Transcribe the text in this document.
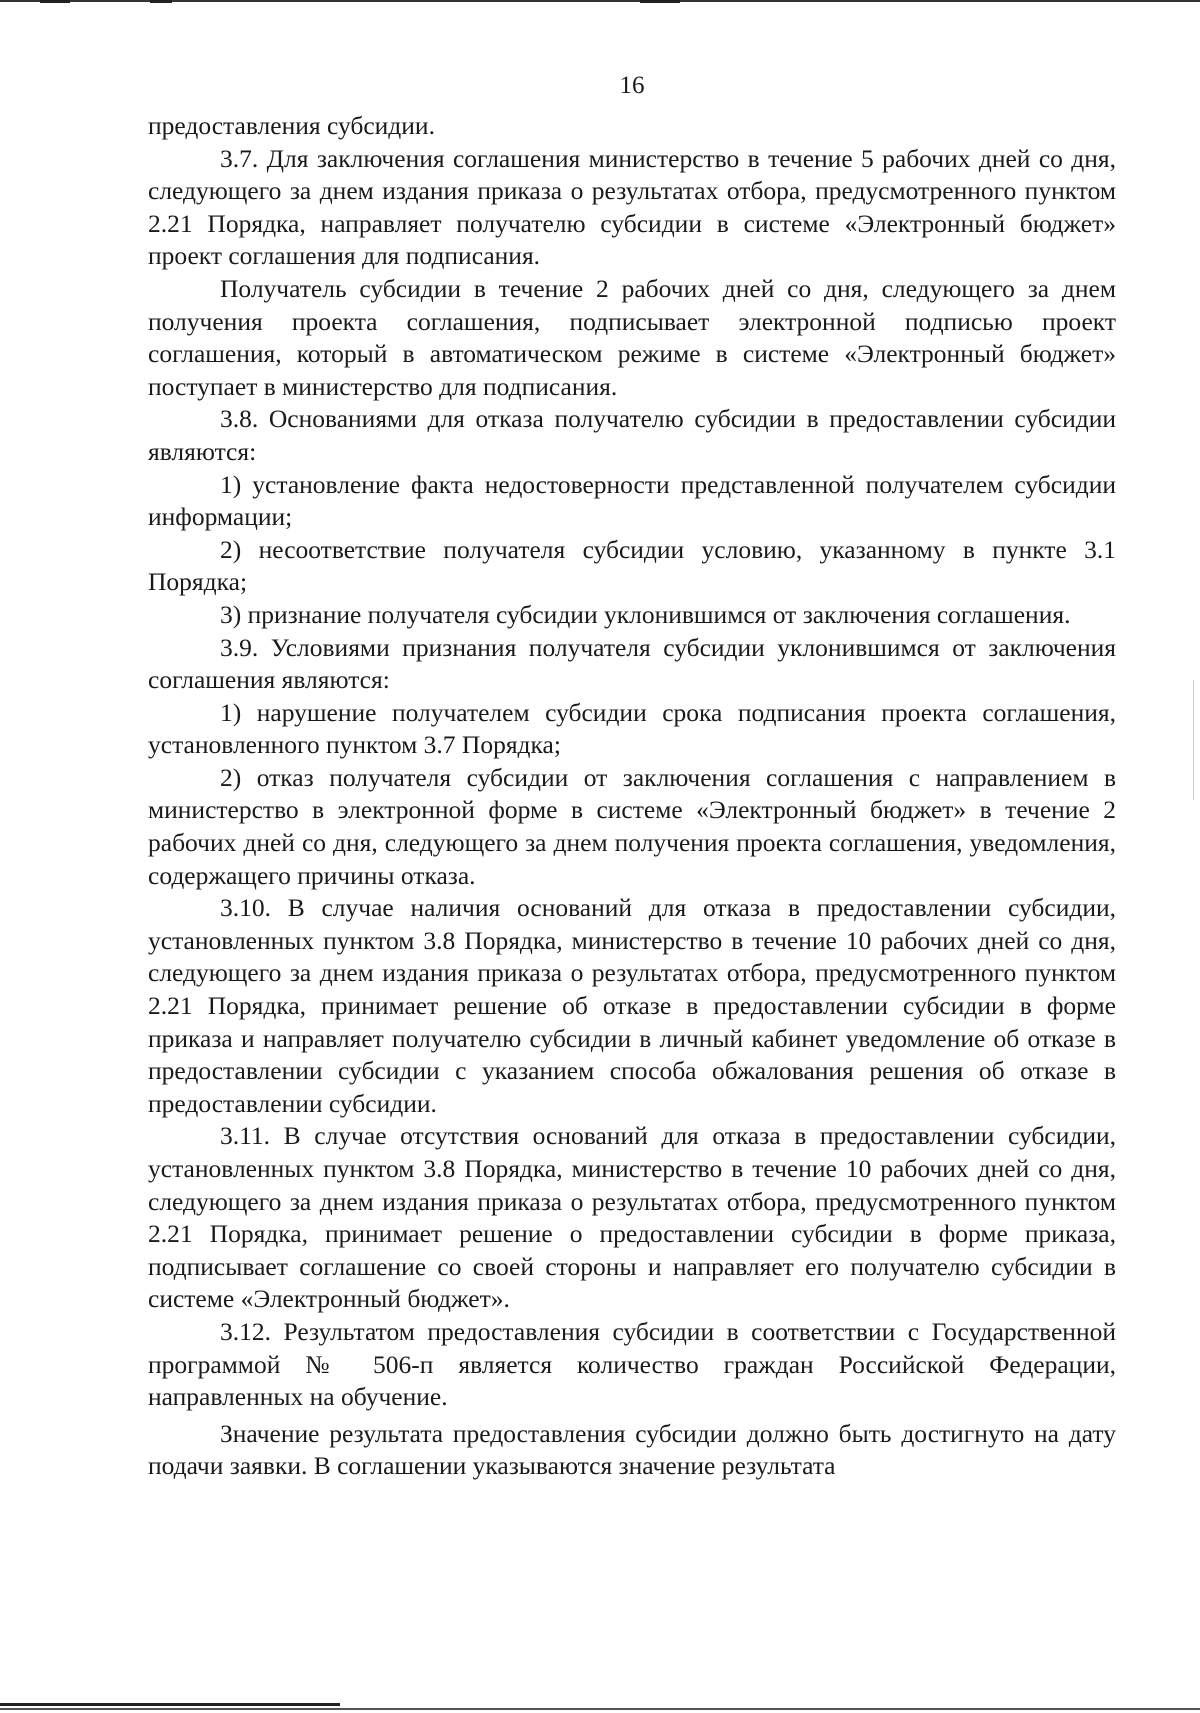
16

предоставления субсидии.

3.7. Для заключения соглашения министерство в течение 5 рабочих дней со дня, следующего за днем издания приказа о результатах отбора, предусмотренного пунктом 2.21 Порядка, направляет получателю субсидии в системе «Электронный бюджет» проект соглашения для подписания.

Получатель субсидии в течение 2 рабочих дней со дня, следующего за днем получения проекта соглашения, подписывает электронной подписью проект соглашения, который в автоматическом режиме в системе «Электронный бюджет» поступает в министерство для подписания.

3.8. Основаниями для отказа получателю субсидии в предоставлении субсидии являются:

1) установление факта недостоверности представленной получателем субсидии информации;

2) несоответствие получателя субсидии условию, указанному в пункте 3.1 Порядка;

3) признание получателя субсидии уклонившимся от заключения соглашения.

3.9. Условиями признания получателя субсидии уклонившимся от заключения соглашения являются:

1) нарушение получателем субсидии срока подписания проекта соглашения, установленного пунктом 3.7 Порядка;

2) отказ получателя субсидии от заключения соглашения с направлением в министерство в электронной форме в системе «Электронный бюджет» в течение 2 рабочих дней со дня, следующего за днем получения проекта соглашения, уведомления, содержащего причины отказа.

3.10. В случае наличия оснований для отказа в предоставлении субсидии, установленных пунктом 3.8 Порядка, министерство в течение 10 рабочих дней со дня, следующего за днем издания приказа о результатах отбора, предусмотренного пунктом 2.21 Порядка, принимает решение об отказе в предоставлении субсидии в форме приказа и направляет получателю субсидии в личный кабинет уведомление об отказе в предоставлении субсидии с указанием способа обжалования решения об отказе в предоставлении субсидии.

3.11. В случае отсутствия оснований для отказа в предоставлении субсидии, установленных пунктом 3.8 Порядка, министерство в течение 10 рабочих дней со дня, следующего за днем издания приказа о результатах отбора, предусмотренного пунктом 2.21 Порядка, принимает решение о предоставлении субсидии в форме приказа, подписывает соглашение со своей стороны и направляет его получателю субсидии в системе «Электронный бюджет».

3.12. Результатом предоставления субсидии в соответствии с Государственной программой № 506-п является количество граждан Российской Федерации, направленных на обучение.

Значение результата предоставления субсидии должно быть достигнуто на дату подачи заявки. В соглашении указываются значение результата
